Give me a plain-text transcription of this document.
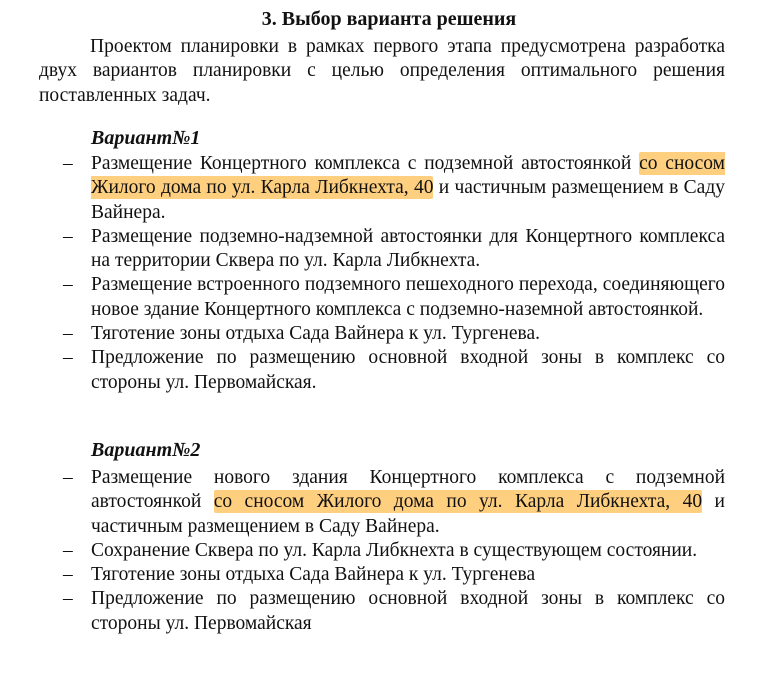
3. Выбор варианта решения

Проектом планировки в рамках первого этапа предусмотрена разработка двух вариантов планировки с целью определения оптимального решения поставленных задач.

Вариант№1

– Размещение Концертного комплекса с подземной автостоянкой со сносом Жилого дома по ул. Карла Либкнехта, 40 и частичным размещением в Саду Вайнера.
– Размещение подземно-надземной автостоянки для Концертного комплекса на территории Сквера по ул. Карла Либкнехта.
– Размещение встроенного подземного пешеходного перехода, соединяющего новое здание Концертного комплекса с подземно-наземной автостоянкой.
– Тяготение зоны отдыха Сада Вайнера к ул. Тургенева.
– Предложение по размещению основной входной зоны в комплекс со стороны ул. Первомайская.

Вариант№2

– Размещение нового здания Концертного комплекса с подземной автостоянкой со сносом Жилого дома по ул. Карла Либкнехта, 40 и частичным размещением в Саду Вайнера.
– Сохранение Сквера по ул. Карла Либкнехта в существующем состоянии.
– Тяготение зоны отдыха Сада Вайнера к ул. Тургенева
– Предложение по размещению основной входной зоны в комплекс со стороны ул. Первомайская
